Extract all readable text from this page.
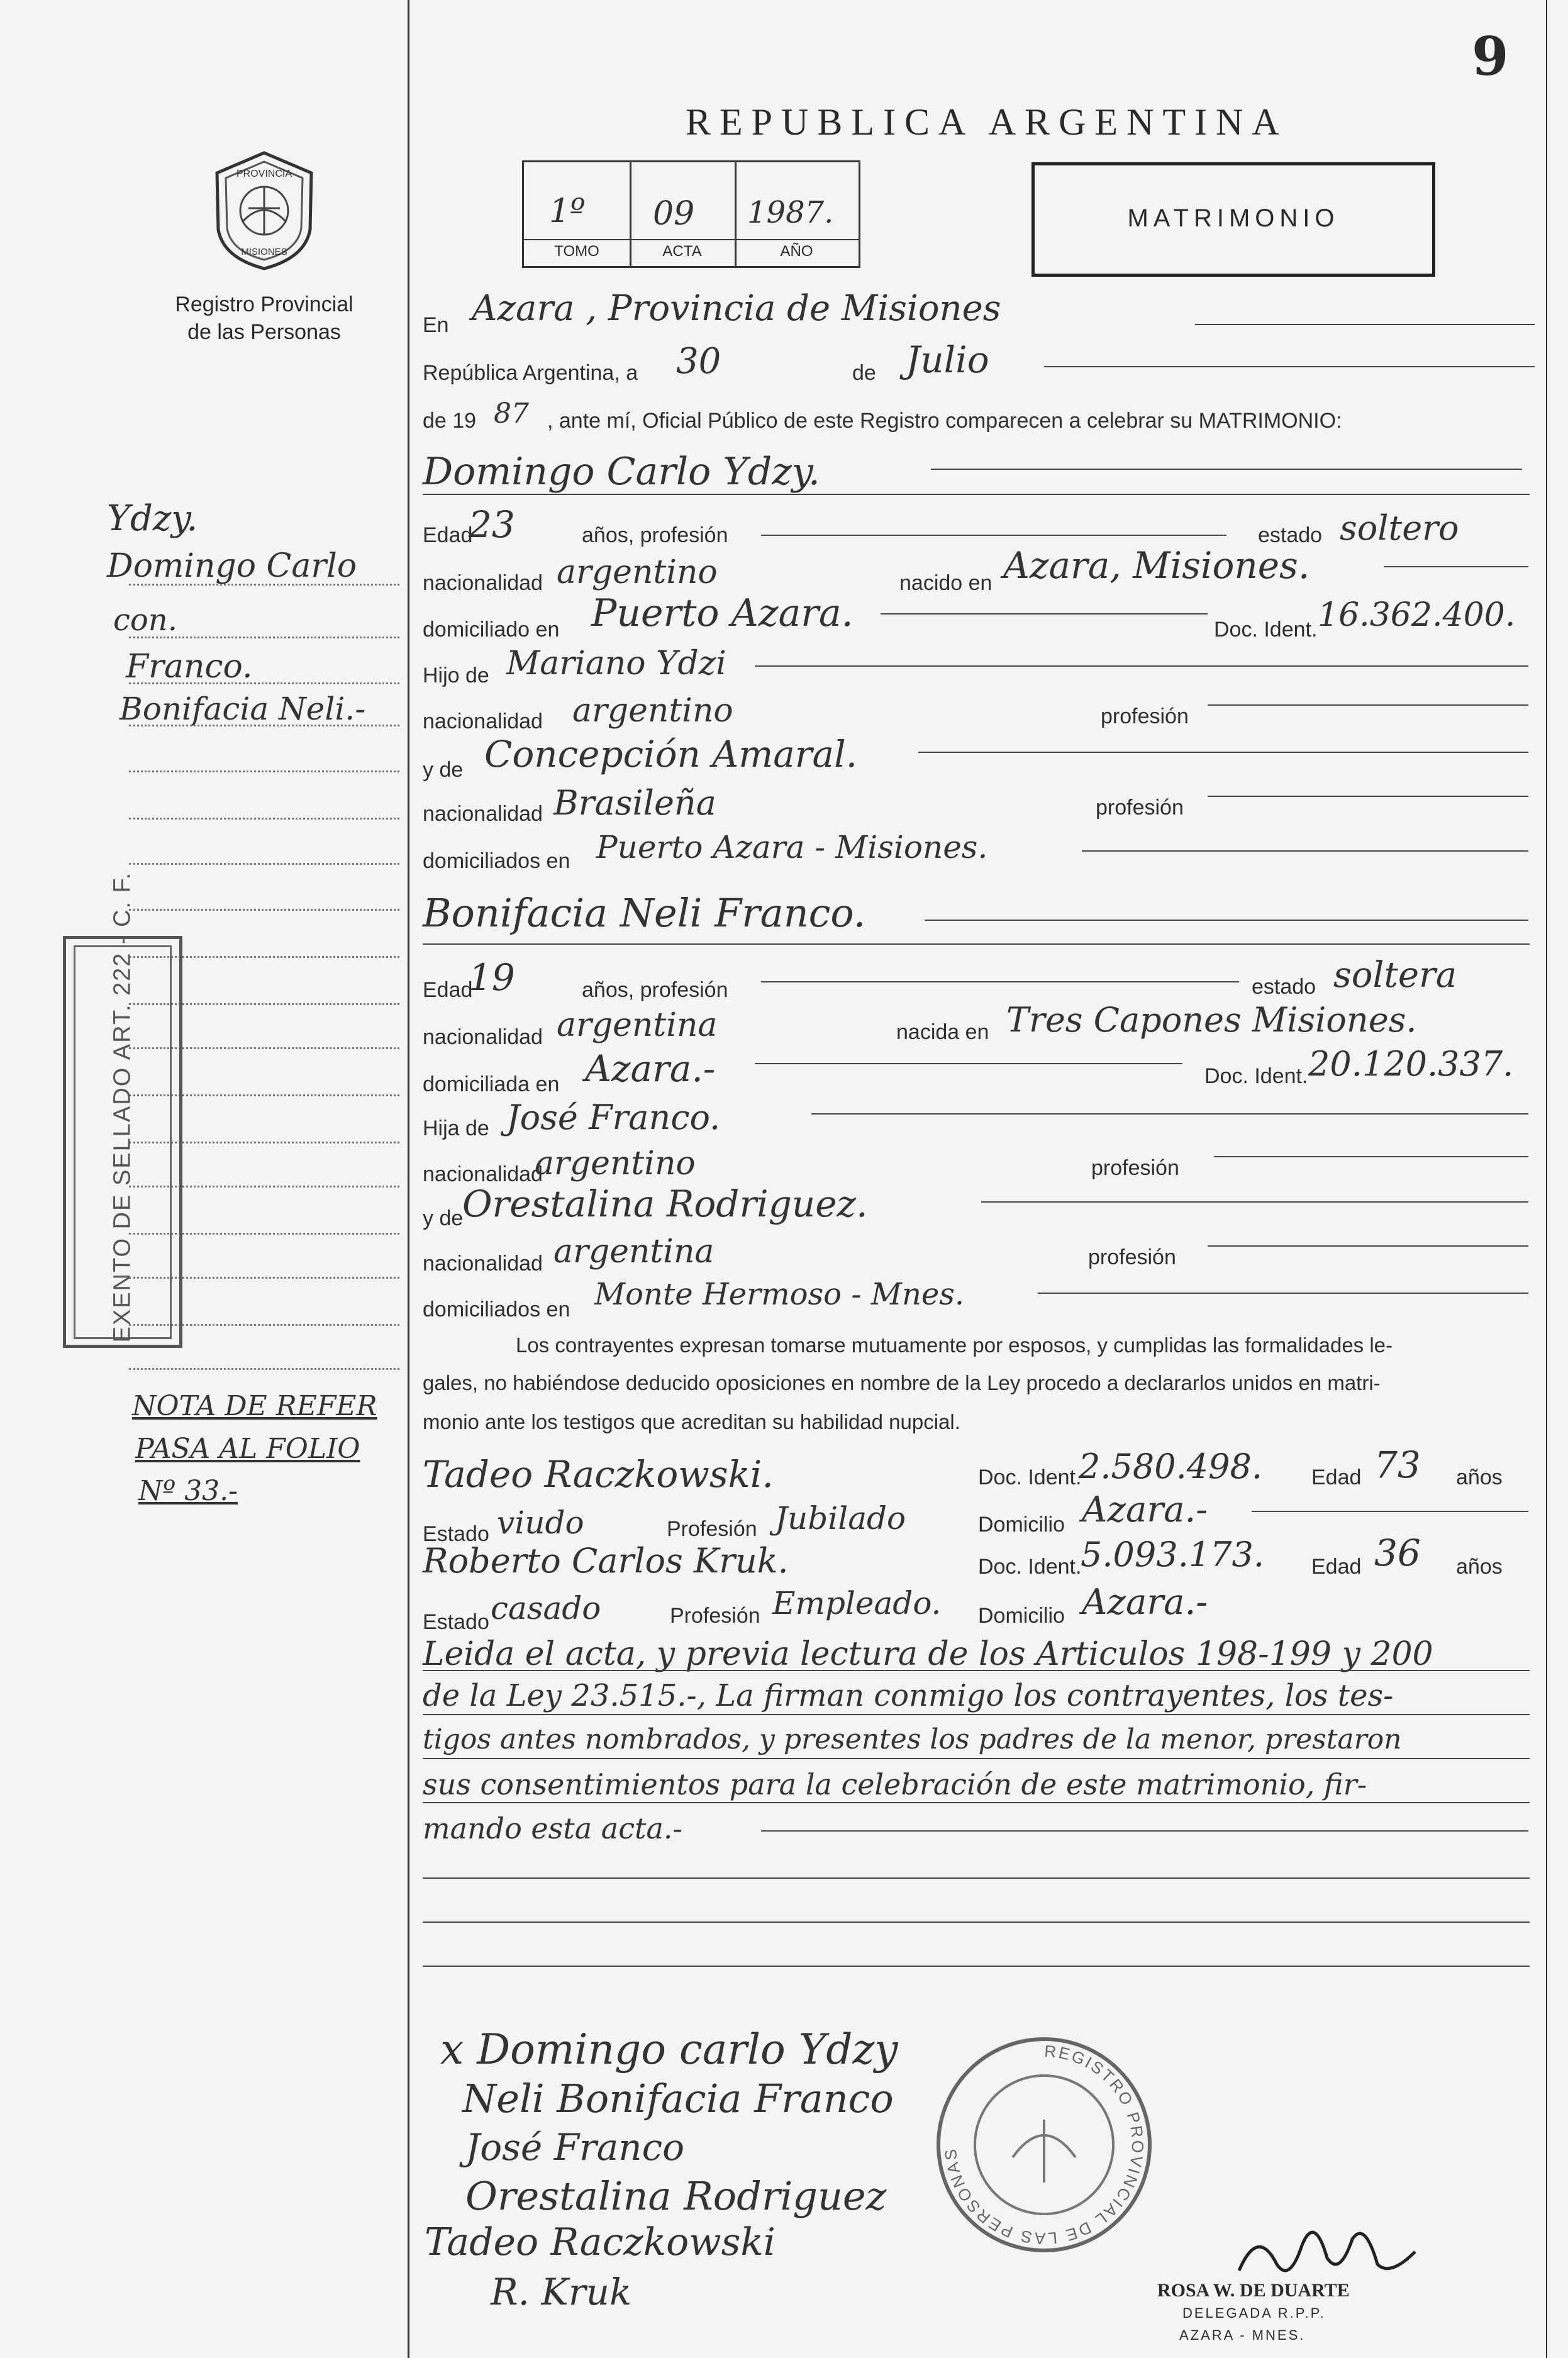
9
REPUBLICA ARGENTINA
PROVINCIA
MISIONES
Registro Provincial
de las Personas
1º 09 1987.
TOMO	ACTA	AÑO
MATRIMONIO
Ydzy.
Domingo Carlo
con.
Franco.
Bonifacia Neli.-
EXENTO DE SELLADO ART. 222 - C. F.
NOTA DE REFER
PASA AL FOLIO
Nº 33.-
En Azara , Provincia de Misiones
República Argentina, a 30	de Julio
de 19 87 , ante mí, Oficial Público de este Registro comparecen a celebrar su MATRIMONIO:
Domingo Carlo Ydzy.
Edad
23	años, profesión	estado soltero
nacionalidad argentino	nacido en Azara, Misiones.
domiciliado en Puerto Azara.	Doc. Ident. 16.362.400.
Hijo de Mariano Ydzi
nacionalidad argentino	profesión
y de Concepción Amaral.
nacionalidad Brasileña	profesión
domiciliados en Puerto Azara - Misiones.
Bonifacia Neli Franco.
Edad
19	años, profesión	estado soltera
nacionalidad argentina	nacida en Tres Capones Misiones.
domiciliada en Azara.-	Doc. Ident. 20.120.337.
Hija de José Franco.
nacionalidad
argentino	profesión
y de
Orestalina Rodriguez.
nacionalidad argentina	profesión
domiciliados en Monte Hermoso - Mnes.
Los contrayentes expresan tomarse mutuamente por esposos, y cumplidas las formalidades le-
gales, no habiéndose deducido oposiciones en nombre de la Ley procedo a declararlos unidos en matri-
monio ante los testigos que acreditan su habilidad nupcial.
Tadeo Raczkowski.	Doc. Ident.
2.580.498. Edad 73 años
Estado viudo	Profesión Jubilado	Domicilio Azara.-
Roberto Carlos Kruk.	Doc. Ident.
5.093.173. Edad 36 años
Estado casado	Profesión Empleado. Domicilio Azara.-
Leida el acta, y previa lectura de los Articulos 198-199 y 200
de la Ley 23.515.-, La firman conmigo los contrayentes, los tes-
tigos antes nombrados, y presentes los padres de la menor, prestaron
sus consentimientos para la celebración de este matrimonio, fir-
mando esta acta.-
REGISTRO PROVINCIAL DE LAS PERSONAS
x Domingo carlo Ydzy
Neli Bonifacia Franco
José Franco
Orestalina Rodriguez
Tadeo Raczkowski
R. Kruk	ROSA W. DE DUARTE
DELEGADA R.P.P.
AZARA - MNES.
